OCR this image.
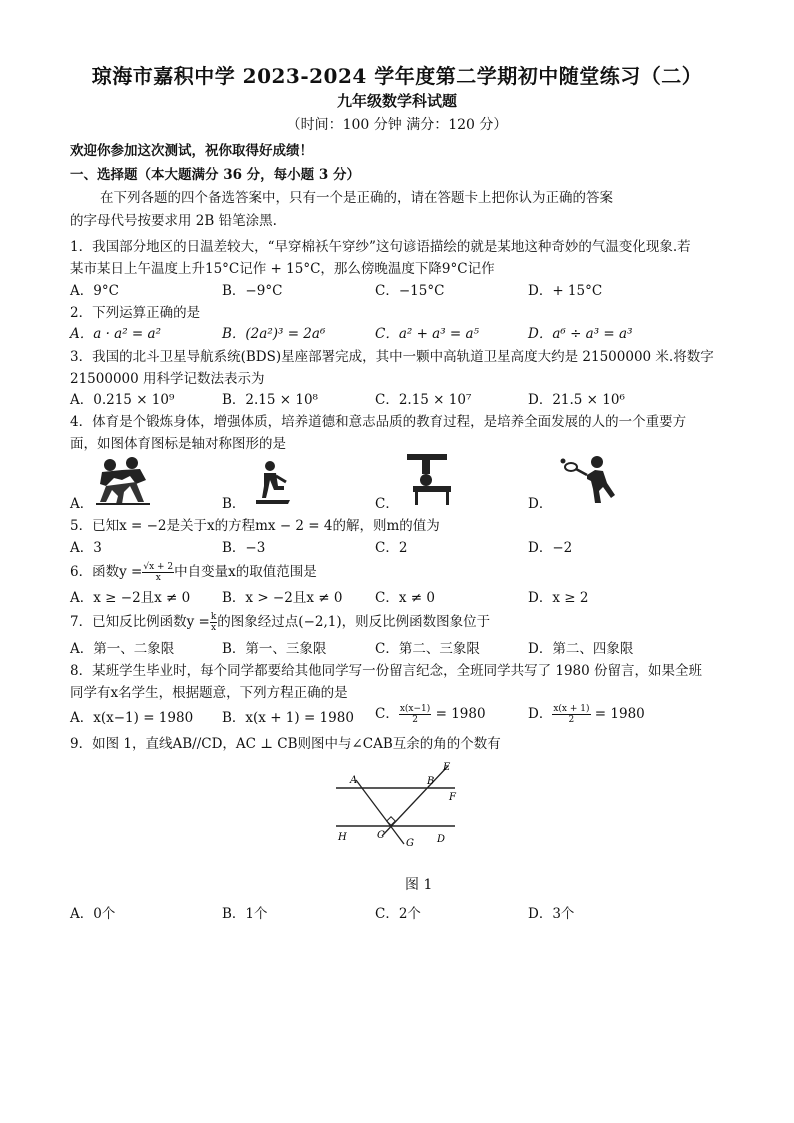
琼海市嘉积中学 2023-2024 学年度第二学期初中随堂练习（二）
九年级数学科试题
（时间：100 分钟 满分：120 分）
欢迎你参加这次测试，祝你取得好成绩！
一、选择题（本大题满分 36 分，每小题 3 分）
在下列各题的四个备选答案中，只有一个是正确的，请在答题卡上把你认为正确的答案
的字母代号按要求用 2B 铅笔涂黑.
1．我国部分地区的日温差较大，“早穿棉袄午穿纱”这句谚语描绘的就是某地这种奇妙的气温变化现象.若
某市某日上午温度上升15°C记作 + 15°C，那么傍晚温度下降9°C记作
A．9°C	B．−9°C	C．−15°C	D．+ 15°C
2．下列运算正确的是
A．a · a² = a²	B．(2a²)³ = 2a⁶	C．a² + a³ = a⁵	D．a⁶ ÷ a³ = a³
3．我国的北斗卫星导航系统(BDS)星座部署完成，其中一颗中高轨道卫星高度大约是 21500000 米.将数字
21500000 用科学记数法表示为
A．0.215 × 10⁹	B．2.15 × 10⁸	C．2.15 × 10⁷	D．21.5 × 10⁶
4．体育是个锻炼身体，增强体质，培养道德和意志品质的教育过程，是培养全面发展的人的一个重要方
面，如图体育图标是轴对称图形的是
A．	B．	C．	D．
5．已知x = −2是关于x的方程mx − 2 = 4的解，则m的值为
A．3	B．−3	C．2	D．−2
6．函数$y = \frac{√x + 2}{x}$ 中自变量x的取值范围是
A．x ≥ −2且x ≠ 0 B．x > −2且x ≠ 0 C．x ≠ 0	D．x ≥ 2
7．已知反比例函数$y = \frac{k}{x}$ 的图象经过点(−2,1)，则反比例函数图象位于
A．第一、二象限	B．第一、三象限	C．第二、三象限	D．第二、四象限
8．某班学生毕业时，每个同学都要给其他同学写一份留言纪念，全班同学共写了 1980 份留言，如果全班
同学有x名学生，根据题意，下列方程正确的是
A．x(x−1) = 1980 B．x(x + 1) = 1980 C． $\frac{x(x-1)}{2} = 1980$	D． $\frac{x(x + 1)}{2} = 1980$
9．如图 1，直线AB//CD，AC ⊥ CB则图中与∠CAB互余的角的个数有
A	B
E
F
H	C
G D
图 1
A．0个	B．1个	C．2个	D．3个
